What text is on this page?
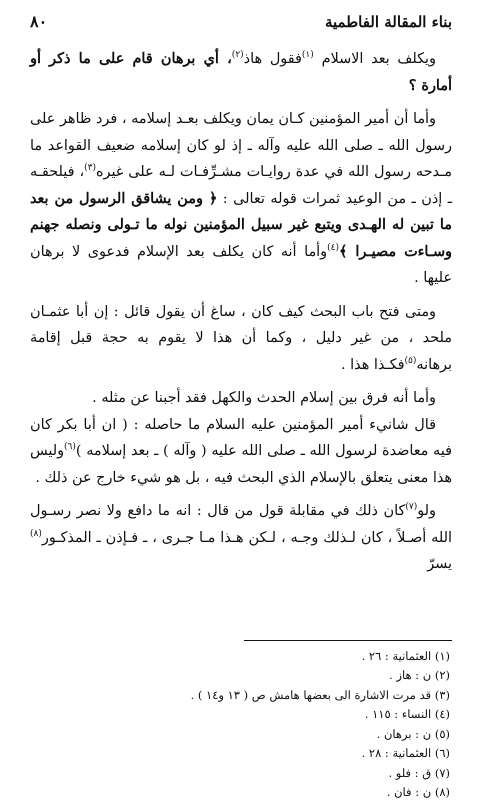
بناء المقالة الفاطمية
٨٠

ويكلف بعد الاسلام $^{(١)}$فقول هاذ$^{(٢)}$، أي برهان قام على ما ذكر أو أمارة ؟

وأما أن أمير المؤمنين كـان يمان ويكلف بعـد إسلامه ، فرد ظاهر على رسول الله ـ صلى الله عليه وآله ـ إذ لو كان إسلامه ضعيف القواعد ما مـدحه رسول الله في عدة روايـات مشـرِّفـات لـه على غيره$^{(٣)}$، فيلحقـه ـ إذن ـ من الوعيد ثمرات قوله تعالى : ﴿ ومن يشاقق الرسول من بعد ما تبين له الهـدى ويتبع غير سبيل المؤمنين نوله ما تـولى ونصله جهنم وسـاءت مصيـرا ﴾$^{(٤)}$وأما أنه كان يكلف بعد الإسلام فدعوى لا برهان عليها .

ومتى فتح باب البحث كيف كان ، ساغ أن يقول قائل : إن أبا عثمـان ملحد ، من غير دليل ، وكما أن هذا لا يقوم به حجة قبل إقامة برهانه$^{(٥)}$فكـذا هذا .

وأما أنه فرق بين إسلام الحدث والكهل فقد أجبنا عن مثله .

قال شانيء أمير المؤمنين عليه السلام ما حاصله : ( ان أبا بكر كان فيه معاضدة لرسول الله ـ صلى الله عليه ( وآله ) ـ بعد إسلامه )$^{(٦)}$وليس هذا معنى يتعلق بالإسلام الذي البحث فيه ، بل هو شيء خارج عن ذلك .

ولو$^{(٧)}$كان ذلك في مقابلة قول من قال : انه ما دافع ولا نصر رسـول الله أصـلاً ، كان لـذلك وجـه ، لـكن هـذا مـا جـرى ، ـ فـإذن ـ المذكـور$^{(٨)}$ يسرّ

(١) العثمانية : ٢٦ .
(٢) ن : هاز .
(٣) قد مرت الاشارة الى بعضها هامش ص ( ١٣ و١٤ ) .
(٤) النساء : ١١٥ .
(٥) ن : برهان .
(٦) العثمانية : ٢٨ .
(٧) ق : فلو .
(٨) ن : فان .
